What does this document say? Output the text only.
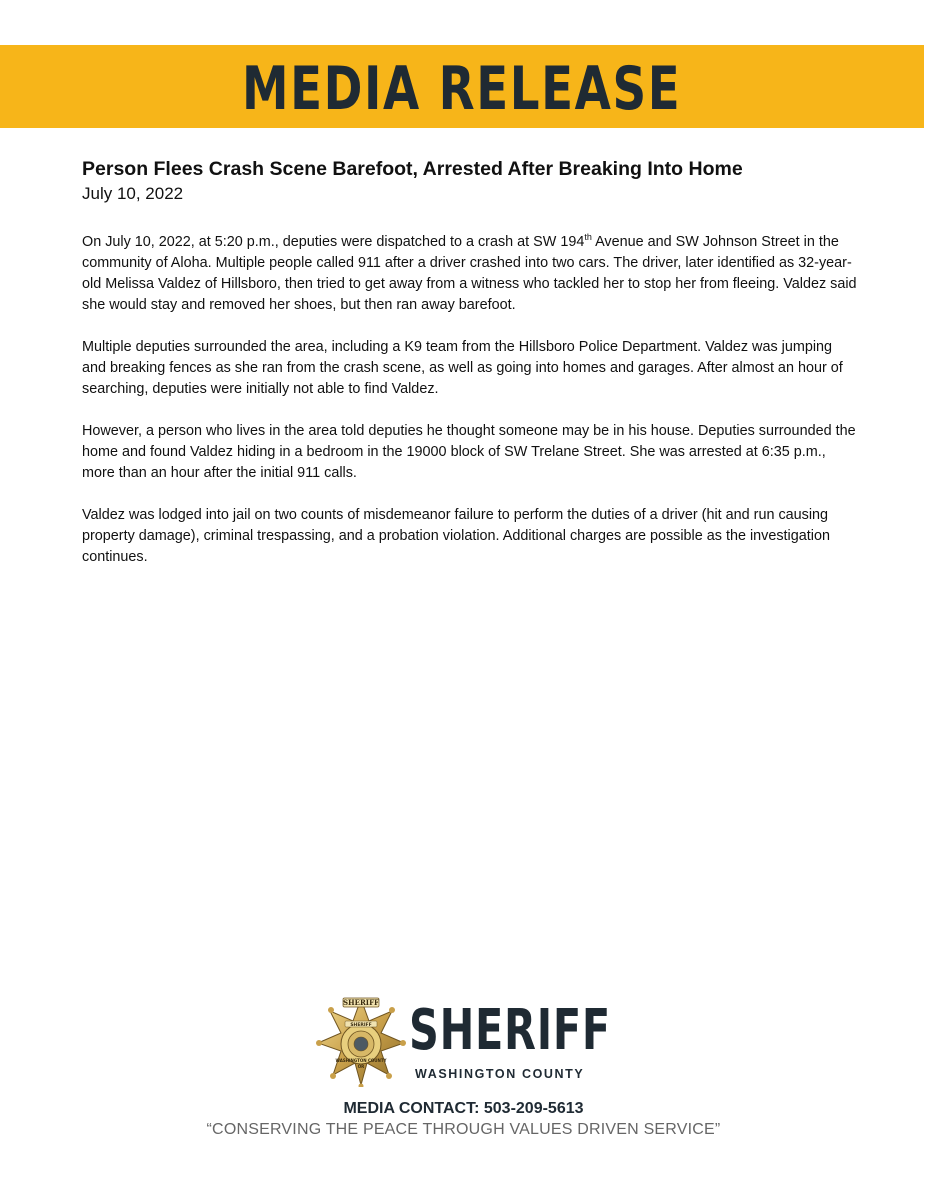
MEDIA RELEASE
Person Flees Crash Scene Barefoot, Arrested After Breaking Into Home
July 10, 2022

On July 10, 2022, at 5:20 p.m., deputies were dispatched to a crash at SW 194th Avenue and SW Johnson Street in the community of Aloha. Multiple people called 911 after a driver crashed into two cars. The driver, later identified as 32-year-old Melissa Valdez of Hillsboro, then tried to get away from a witness who tackled her to stop her from fleeing. Valdez said she would stay and removed her shoes, but then ran away barefoot.

Multiple deputies surrounded the area, including a K9 team from the Hillsboro Police Department. Valdez was jumping and breaking fences as she ran from the crash scene, as well as going into homes and garages. After almost an hour of searching, deputies were initially not able to find Valdez.

However, a person who lives in the area told deputies he thought someone may be in his house. Deputies surrounded the home and found Valdez hiding in a bedroom in the 19000 block of SW Trelane Street. She was arrested at 6:35 p.m., more than an hour after the initial 911 calls.

Valdez was lodged into jail on two counts of misdemeanor failure to perform the duties of a driver (hit and run causing property damage), criminal trespassing, and a probation violation. Additional charges are possible as the investigation continues.

SHERIFF
SHERIFF
WASHINGTON COUNTY
OR
SHERIFF
WASHINGTON COUNTY
MEDIA CONTACT: 503-209-5613
“CONSERVING THE PEACE THROUGH VALUES DRIVEN SERVICE”
